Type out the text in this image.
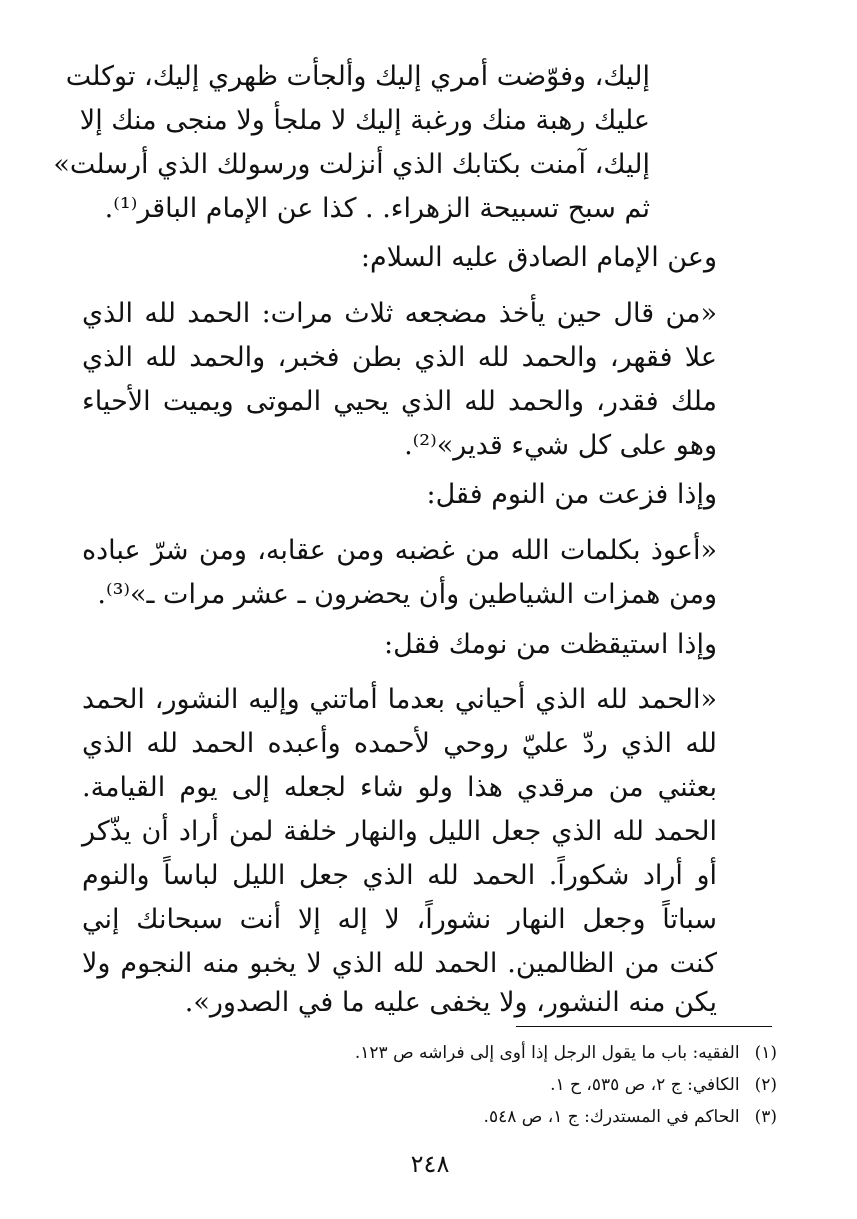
إليك، وفوّضت أمري إليك وألجأت ظهري إليك، توكلت
عليك رهبة منك ورغبة إليك لا ملجأ ولا منجى منك إلا
إليك، آمنت بكتابك الذي أنزلت ورسولك الذي أرسلت»
ثم سبح تسبيحة الزهراء. . كذا عن الإمام الباقر⁽¹⁾.
وعن الإمام الصادق عليه السلام:
«من قال حين يأخذ مضجعه ثلاث مرات: الحمد لله الذي
علا فقهر، والحمد لله الذي بطن فخبر، والحمد لله الذي
ملك فقدر، والحمد لله الذي يحيي الموتى ويميت الأحياء
وهو على كل شيء قدير»⁽²⁾.
وإذا فزعت من النوم فقل:
«أعوذ بكلمات الله من غضبه ومن عقابه، ومن شرّ عباده
ومن همزات الشياطين وأن يحضرون ـ عشر مرات ـ»⁽³⁾.
وإذا استيقظت من نومك فقل:
«الحمد لله الذي أحياني بعدما أماتني وإليه النشور، الحمد
لله الذي ردّ عليّ روحي لأحمده وأعبده الحمد لله الذي
بعثني من مرقدي هذا ولو شاء لجعله إلى يوم القيامة.
الحمد لله الذي جعل الليل والنهار خلفة لمن أراد أن يذّكر
أو أراد شكوراً. الحمد لله الذي جعل الليل لباساً والنوم
سباتاً وجعل النهار نشوراً، لا إله إلا أنت سبحانك إني
كنت من الظالمين. الحمد لله الذي لا يخبو منه النجوم ولا
يكن منه النشور، ولا يخفى عليه ما في الصدور».
(١) الفقيه: باب ما يقول الرجل إذا أوى إلى فراشه ص ١٢٣.
(٢) الكافي: ج ٢، ص ٥٣٥، ح ١.
(٣) الحاكم في المستدرك: ج ١، ص ٥٤٨.
٢٤٨
